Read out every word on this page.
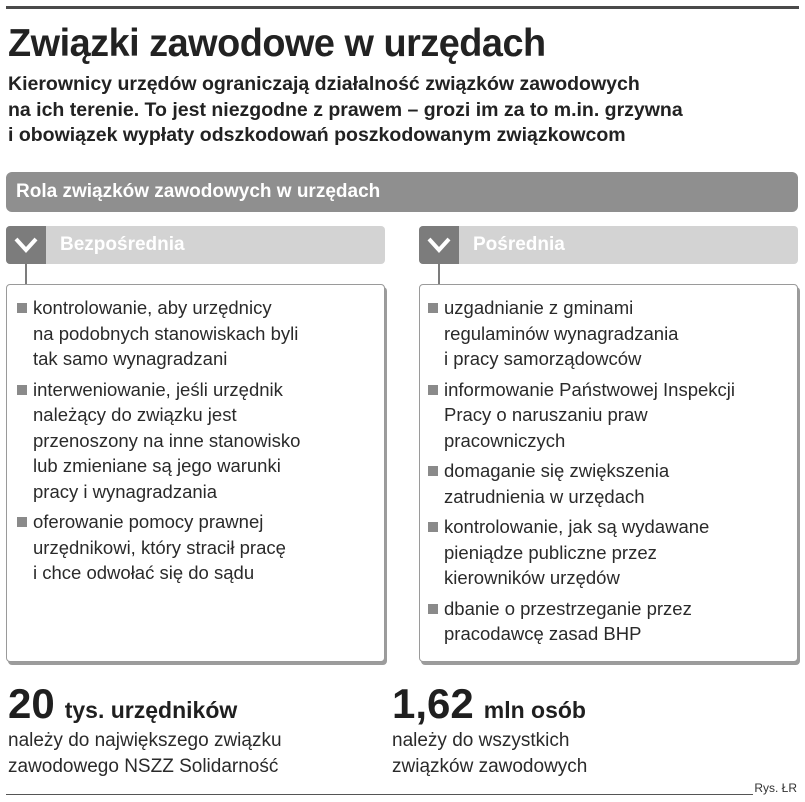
Związki zawodowe w urzędach
Kierownicy urzędów ograniczają działalność związków zawodowych
na ich terenie. To jest niezgodne z prawem – grozi im za to m.in. grzywna
i obowiązek wypłaty odszkodowań poszkodowanym związkowcom
Rola związków zawodowych w urzędach
Bezpośrednia
kontrolowanie, aby urzędnicy
na podobnych stanowiskach byli
tak samo wynagradzani
interweniowanie, jeśli urzędnik
należący do związku jest
przenoszony na inne stanowisko
lub zmieniane są jego warunki
pracy i wynagradzania
oferowanie pomocy prawnej
urzędnikowi, który stracił pracę
i chce odwołać się do sądu
Pośrednia
uzgadnianie z gminami
regulaminów wynagradzania
i pracy samorządowców
informowanie Państwowej Inspekcji
Pracy o naruszaniu praw
pracowniczych
domaganie się zwiększenia
zatrudnienia w urzędach
kontrolowanie, jak są wydawane
pieniądze publiczne przez
kierowników urzędów
dbanie o przestrzeganie przez
pracodawcę zasad BHP
20 tys. urzędników
należy do największego związku
zawodowego NSZZ Solidarność
1,62 mln osób
należy do wszystkich
związków zawodowych
Rys. ŁR
